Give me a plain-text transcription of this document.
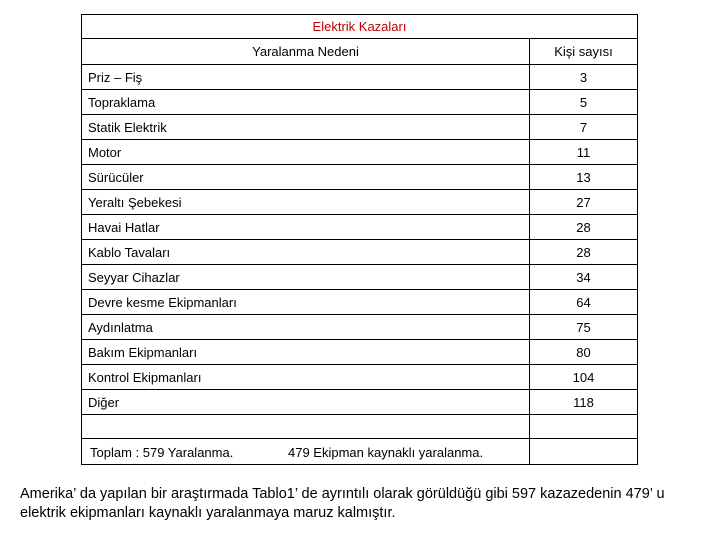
Elektrik Kazaları	
Yaralanma Nedeni	Kişi sayısı
Priz – Fiş	3
Topraklama	5
Statik Elektrik	7
Motor	11
Sürücüler	13
Yeraltı Şebekesi	27
Havai Hatlar	28
Kablo Tavaları	28
Seyyar Cihazlar	34
Devre kesme Ekipmanları	64
Aydınlatma	75
Bakım Ekipmanları	80
Kontrol Ekipmanları	104
Diğer	118

Toplam : 579 Yaralanma. 479 Ekipman kaynaklı yaralanma.	

Amerika’ da yapılan bir araştırmada Tablo1’ de ayrıntılı olarak görüldüğü gibi 597 kazazedenin 479’ u elektrik ekipmanları kaynaklı yaralanmaya maruz kalmıştır.
